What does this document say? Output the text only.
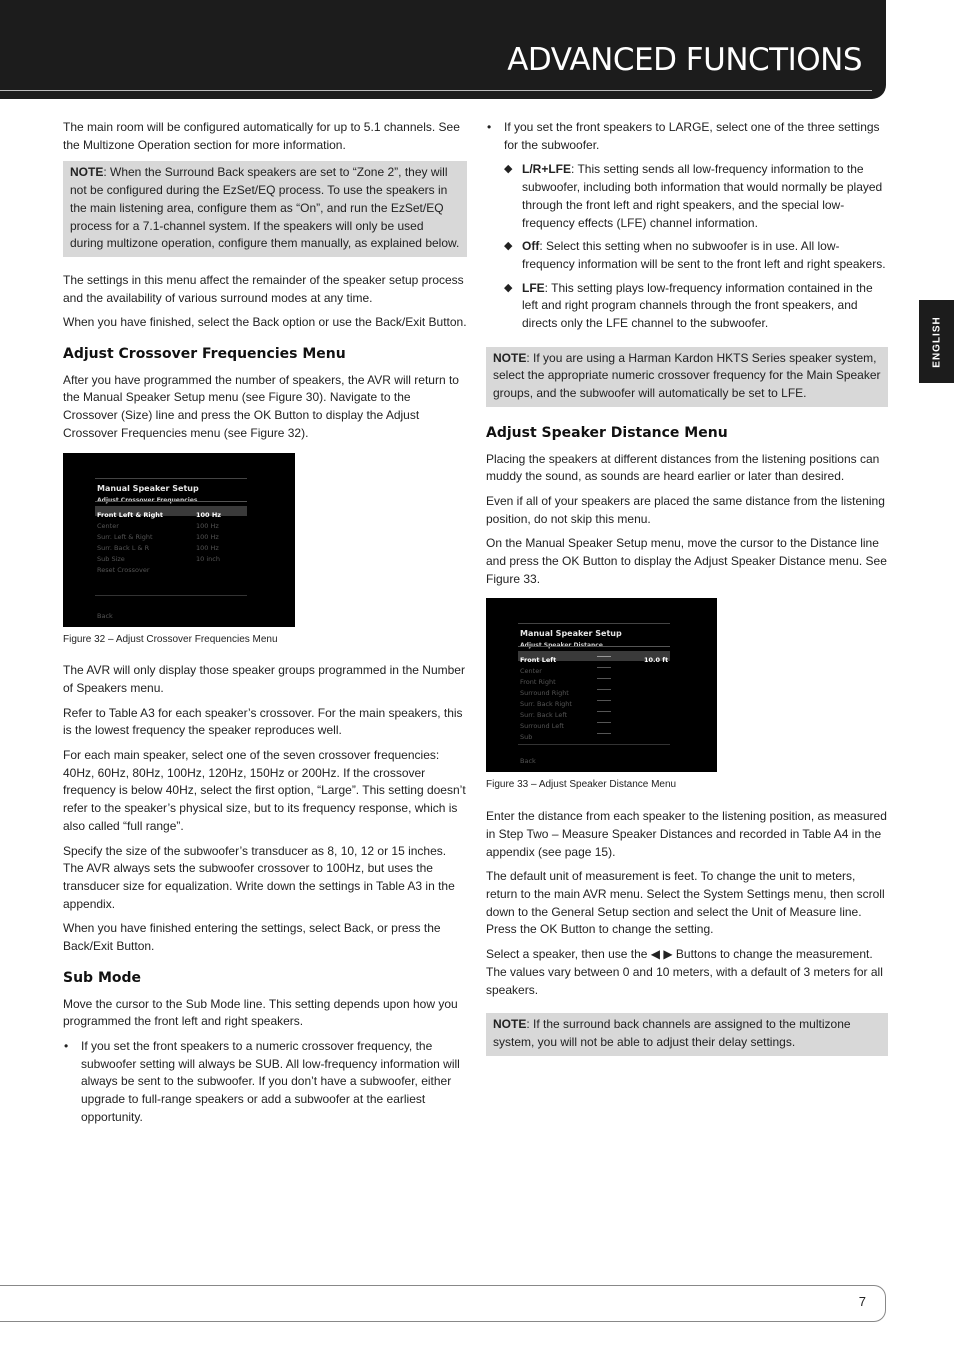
ADVANCED FUNCTIONS
ENGLISH

The main room will be configured automatically for up to 5.1 channels. See the Multizone Operation section for more information.

NOTE: When the Surround Back speakers are set to “Zone 2”, they will not be configured during the EzSet/EQ process. To use the speakers in the main listening area, configure them as “On”, and run the EzSet/EQ process for a 7.1-channel system. If the speakers will only be used during multizone operation, configure them manually, as explained below.

The settings in this menu affect the remainder of the speaker setup process and the availability of various surround modes at any time.

When you have finished, select the Back option or use the Back/Exit Button.

Adjust Crossover Frequencies Menu

After you have programmed the number of speakers, the AVR will return to the Manual Speaker Setup menu (see Figure 30). Navigate to the Crossover (Size) line and press the OK Button to display the Adjust Crossover Frequencies menu (see Figure 32).

Manual Speaker Setup
Front Left & Right	100 Hz
Center	100 Hz
Surr. Left & Right	100 Hz
Surr. Back L & R	100 Hz
Sub Size	10 inch
Reset Crossover
Back

Figure 32 – Adjust Crossover Frequencies Menu

The AVR will only display those speaker groups programmed in the Number of Speakers menu.

Refer to Table A3 for each speaker’s crossover. For the main speakers, this is the lowest frequency the speaker reproduces well.

For each main speaker, select one of the seven crossover frequencies: 40Hz, 60Hz, 80Hz, 100Hz, 120Hz, 150Hz or 200Hz. If the crossover frequency is below 40Hz, select the first option, “Large”. This setting doesn’t refer to the speaker’s physical size, but to its frequency response, which is also called “full range”.

Specify the size of the subwoofer’s transducer as 8, 10, 12 or 15 inches. The AVR always sets the subwoofer crossover to 100Hz, but uses the transducer size for equalization. Write down the settings in Table A3 in the appendix.

When you have finished entering the settings, select Back, or press the Back/Exit Button.

Sub Mode

Move the cursor to the Sub Mode line. This setting depends upon how you programmed the front left and right speakers.

• If you set the front speakers to a numeric crossover frequency, the subwoofer setting will always be SUB. All low-frequency information will always be sent to the subwoofer. If you don’t have a subwoofer, either upgrade to full-range speakers or add a subwoofer at the earliest opportunity.

• If you set the front speakers to LARGE, select one of the three settings for the subwoofer.

◆ L/R+LFE: This setting sends all low-frequency information to the subwoofer, including both information that would normally be played through the front left and right speakers, and the special low-frequency effects (LFE) channel information.
◆ Off: Select this setting when no subwoofer is in use. All low-frequency information will be sent to the front left and right speakers.
◆ LFE: This setting plays low-frequency information contained in the left and right program channels through the front speakers, and directs only the LFE channel to the subwoofer.
NOTE: If you are using a Harman Kardon HKTS Series speaker system, select the appropriate numeric crossover frequency for the Main Speaker groups, and the subwoofer will automatically be set to LFE.
Adjust Speaker Distance Menu

Placing the speakers at different distances from the listening positions can muddy the sound, as sounds are heard earlier or later than desired.

Even if all of your speakers are placed the same distance from the listening position, do not skip this menu.

On the Manual Speaker Setup menu, move the cursor to the Distance line and press the OK Button to display the Adjust Speaker Distance menu. See Figure 33.

Manual Speaker Setup
Front Left	10.0 ft
Center
Front Right
Surround Right
Surr. Back Right
Surr. Back Left
Surround Left
Sub
Back

Figure 33 – Adjust Speaker Distance Menu

Enter the distance from each speaker to the listening position, as measured in Step Two – Measure Speaker Distances and recorded in Table A4 in the appendix (see page 15).

The default unit of measurement is feet. To change the unit to meters, return to the main AVR menu. Select the System Settings menu, then scroll down to the General Setup section and select the Unit of Measure line. Press the OK Button to change the setting.

Select a speaker, then use the ◀ ▶ Buttons to change the measurement. The values vary between 0 and 10 meters, with a default of 3 meters for all speakers.

NOTE: If the surround back channels are assigned to the multizone system, you will not be able to adjust their delay settings.
7
